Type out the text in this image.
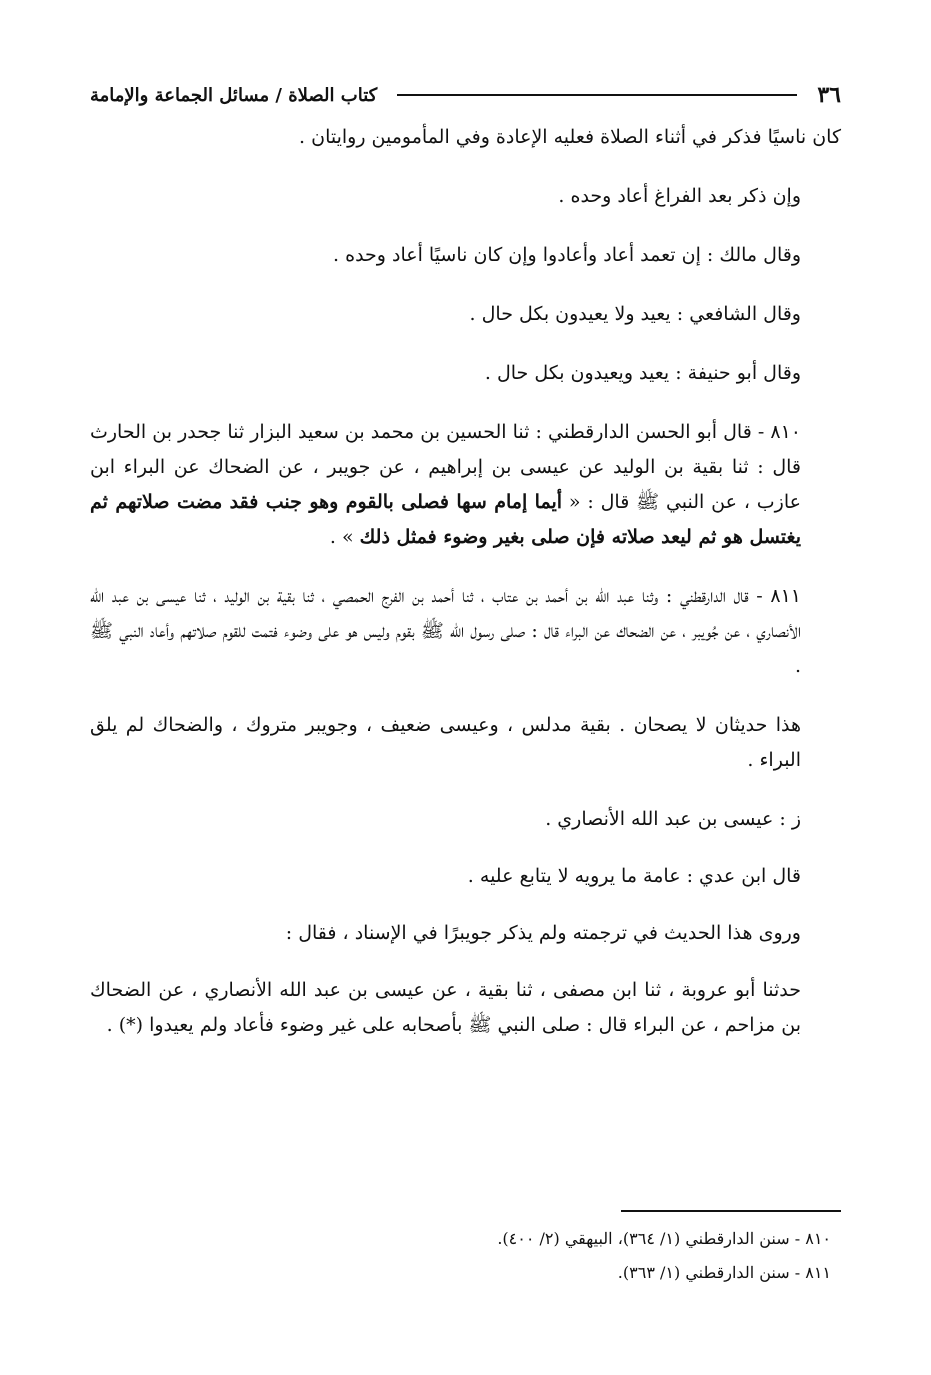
٣٦
كتاب الصلاة / مسائل الجماعة والإمامة

كان ناسيًا فذكر في أثناء الصلاة فعليه الإعادة وفي المأمومين روايتان .

وإن ذكر بعد الفراغ أعاد وحده .

وقال مالك : إن تعمد أعاد وأعادوا وإن كان ناسيًا أعاد وحده .

وقال الشافعي : يعيد ولا يعيدون بكل حال .

وقال أبو حنيفة : يعيد ويعيدون بكل حال .

٨١٠ - قال أبو الحسن الدارقطني : ثنا الحسين بن محمد بن سعيد البزار ثنا جحدر بن الحارث قال : ثنا بقية بن الوليد عن عيسى بن إبراهيم ، عن جويبر ، عن الضحاك عن البراء ابن عازب ، عن النبي ﷺ قال : « أيما إمام سها فصلى بالقوم وهو جنب فقد مضت صلاتهم ثم يغتسل هو ثم ليعد صلاته فإن صلى بغير وضوء فمثل ذلك » .

٨١١ - قال الدارقطني : وثنا عبد الله بن أحمد بن عتاب ، ثنا أحمد بن الفرج الحمصي ، ثنا بقية بن الوليد ، ثنا عيسى بن عبد الله الأنصاري ، عن جُويبر ، عن الضحاك عن البراء قال : صلى رسول الله ﷺ بقوم وليس هو على وضوء فتمت للقوم صلاتهم وأعاد النبي ﷺ .

هذا حديثان لا يصحان . بقية مدلس ، وعيسى ضعيف ، وجويبر متروك ، والضحاك لم يلق البراء .

ز : عيسى بن عبد الله الأنصاري .

قال ابن عدي : عامة ما يرويه لا يتابع عليه .

وروى هذا الحديث في ترجمته ولم يذكر جويبرًا في الإسناد ، فقال :

حدثنا أبو عروبة ، ثنا ابن مصفى ، ثنا بقية ، عن عيسى بن عبد الله الأنصاري ، عن الضحاك بن مزاحم ، عن البراء قال : صلى النبي ﷺ بأصحابه على غير وضوء فأعاد ولم يعيدوا (*) .

٨١٠ - سنن الدارقطني (١/ ٣٦٤)، البيهقي (٢/ ٤٠٠).
٨١١ - سنن الدارقطني (١/ ٣٦٣).
